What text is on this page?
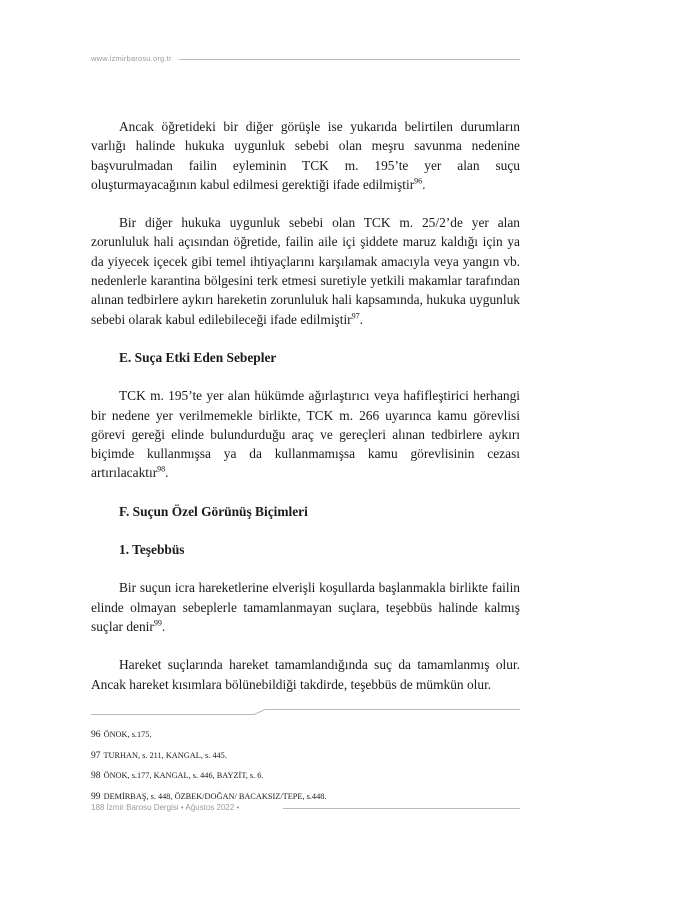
www.izmirbarosu.org.tr

Ancak öğretideki bir diğer görüşle ise yukarıda belirtilen durumların varlığı halinde hukuka uygunluk sebebi olan meşru savunma nedenine başvurulmadan failin eyleminin TCK m. 195’te yer alan suçu oluşturmayacağının kabul edilmesi gerektiği ifade edilmiştir$^{96}$.

Bir diğer hukuka uygunluk sebebi olan TCK m. 25/2’de yer alan zorunluluk hali açısından öğretide, failin aile içi şiddete maruz kaldığı için ya da yiyecek içecek gibi temel ihtiyaçlarını karşılamak amacıyla veya yangın vb. nedenlerle karantina bölgesini terk etmesi suretiyle yetkili makamlar tarafından alınan tedbirlere aykırı hareketin zorunluluk hali kapsamında, hukuka uygunluk sebebi olarak kabul edilebileceği ifade edilmiştir$^{97}$.

E. Suça Etki Eden Sebepler

TCK m. 195’te yer alan hükümde ağırlaştırıcı veya hafifleştirici herhangi bir nedene yer verilmemekle birlikte, TCK m. 266 uyarınca kamu görevlisi görevi gereği elinde bulundurduğu araç ve gereçleri alınan tedbirlere aykırı biçimde kullanmışsa ya da kullanmamışsa kamu görevlisinin cezası artırılacaktır$^{98}$.

F. Suçun Özel Görünüş Biçimleri

1. Teşebbüs

Bir suçun icra hareketlerine elverişli koşullarda başlanmakla birlikte failin elinde olmayan sebeplerle tamamlanmayan suçlara, teşebbüs halinde kalmış suçlar denir$^{99}$.

Hareket suçlarında hareket tamamlandığında suç da tamamlanmış olur. Ancak hareket kısımlara bölünebildiği takdirde, teşebbüs de mümkün olur.

96 ÖNOK, s.175.

97 TURHAN, s. 211, KANGAL, s. 445.

98 ÖNOK, s.177, KANGAL, s. 446, BAYZİT, s. 6.

99 DEMİRBAŞ, s. 448, ÖZBEK/DOĞAN/ BACAKSIZ/TEPE, s.448.

188 İzmir Barosu Dergisi • Ağustos 2022 •
